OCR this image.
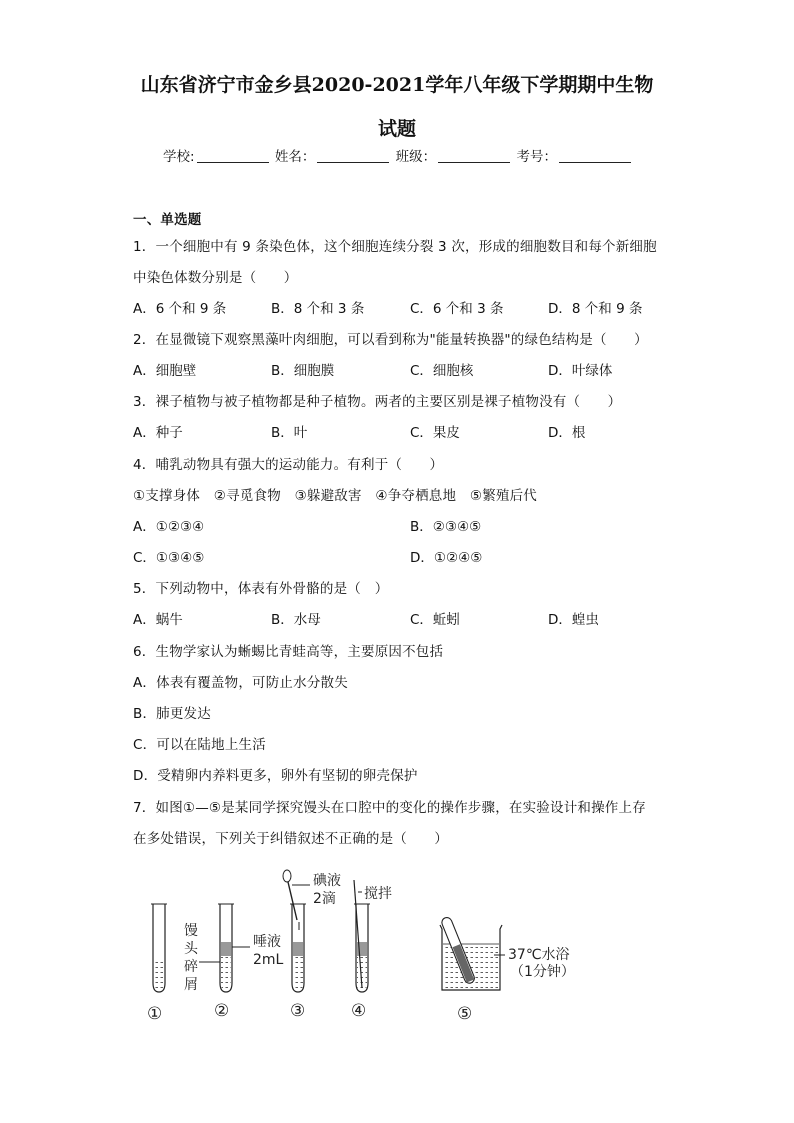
山东省济宁市金乡县2020-2021学年八年级下学期期中生物
试题
学校:	姓名：	班级：	考号：
一、单选题
1．一个细胞中有 9 条染色体，这个细胞连续分裂 3 次，形成的细胞数目和每个新细胞
中染色体数分别是（　　）
A．6 个和 9 条	B．8 个和 3 条	C．6 个和 3 条	D．8 个和 9 条
2．在显微镜下观察黑藻叶肉细胞，可以看到称为"能量转换器"的绿色结构是（　　）
A．细胞壁	B．细胞膜	C．细胞核	D．叶绿体
3．裸子植物与被子植物都是种子植物。两者的主要区别是裸子植物没有（　　）
A．种子	B．叶	C．果皮	D．根
4．哺乳动物具有强大的运动能力。有利于（　　）
①支撑身体　②寻觅食物　③躲避敌害　④争夺栖息地　⑤繁殖后代
A．①②③④	B．②③④⑤
C．①③④⑤	D．①②④⑤
5．下列动物中，体表有外骨骼的是（　）
A．蜗牛	B．水母	C．蚯蚓	D．蝗虫
6．生物学家认为蜥蜴比青蛙高等，主要原因不包括
A．体表有覆盖物，可防止水分散失
B．肺更发达
C．可以在陆地上生活
D．受精卵内养料更多，卵外有坚韧的卵壳保护
7．如图①—⑤是某同学探究馒头在口腔中的变化的操作步骤，在实验设计和操作上存
在多处错误，下列关于纠错叙述不正确的是（　　）
馒
头
碎
屑
唾液
2mL
碘液
2滴 搅拌
37℃水浴
（1分钟）
①	②	③	④	⑤
